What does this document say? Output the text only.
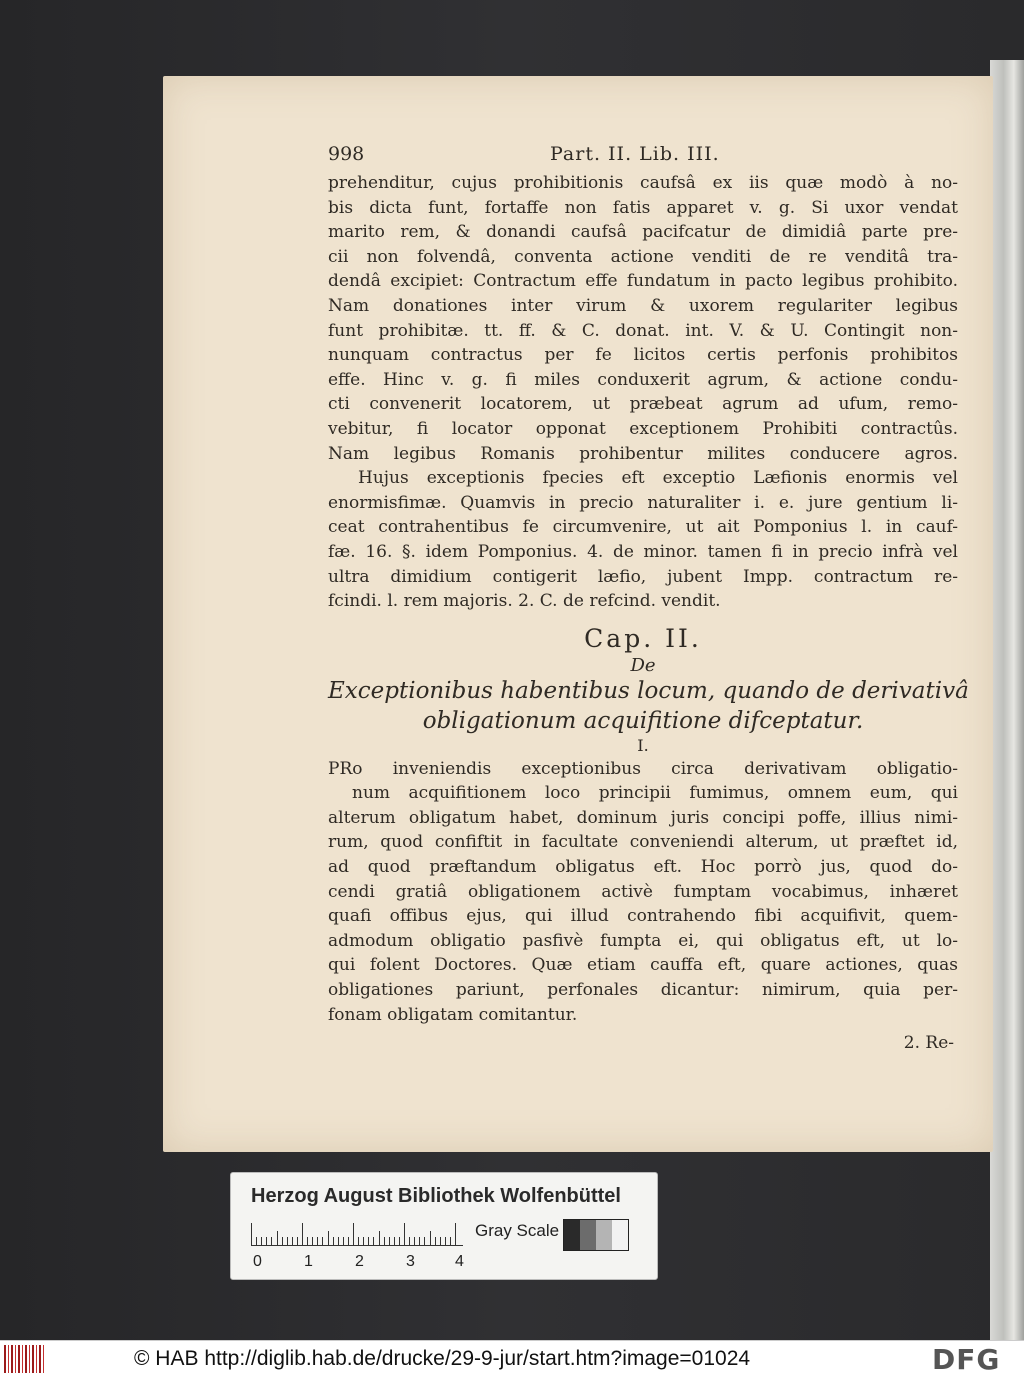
998	Part. II. Lib. III.
prehenditur, cujus prohibitionis caufsâ ex iis quæ modò à no-
bis dicta funt, fortaffe non fatis apparet v. g. Si uxor vendat
marito rem, & donandi caufsâ pacifcatur de dimidiâ parte pre-
cii non folvendâ, conventa actione venditi de re venditâ tra-
dendâ excipiet: Contractum effe fundatum in pacto legibus prohibito.
Nam donationes inter virum & uxorem regulariter legibus
funt prohibitæ. tt. ff. & C. donat. int. V. & U. Contingit non-
nunquam contractus per fe licitos certis perfonis prohibitos
effe. Hinc v. g. fi miles conduxerit agrum, & actione condu-
cti convenerit locatorem, ut præbeat agrum ad ufum, remo-
vebitur, fi locator opponat exceptionem Prohibiti contractûs.
Nam legibus Romanis prohibentur milites conducere agros.
Hujus exceptionis fpecies eft exceptio Læfionis enormis vel
enormisfimæ. Quamvis in precio naturaliter i. e. jure gentium li-
ceat contrahentibus fe circumvenire, ut ait Pomponius l. in cauf-
fæ. 16. §. idem Pomponius. 4. de minor. tamen fi in precio infrà vel
ultra dimidium contigerit læfio, jubent Impp. contractum re-
fcindi. l. rem majoris. 2. C. de refcind. vendit.
Cap. II.
De
Exceptionibus habentibus locum, quando de derivativâ
obligationum acquifitione difceptatur.
I.
PRo inveniendis exceptionibus circa derivativam obligatio-
num acquifitionem loco principii fumimus, omnem eum, qui
alterum obligatum habet, dominum juris concipi poffe, illius nimi-
rum, quod confiftit in facultate conveniendi alterum, ut præftet id,
ad quod præftandum obligatus eft. Hoc porrò jus, quod do-
cendi gratiâ obligationem activè fumptam vocabimus, inhæret
quafi offibus ejus, qui illud contrahendo fibi acquifivit, quem-
admodum obligatio pasfivè fumpta ei, qui obligatus eft, ut lo-
qui folent Doctores. Quæ etiam cauffa eft, quare actiones, quas
obligationes pariunt, perfonales dicantur: nimirum, quia per-
fonam obligatam comitantur.
2. Re-
Herzog August Bibliothek Wolfenbüttel
0	1	2	3	4
Gray Scale
© HAB http://diglib.hab.de/drucke/29-9-jur/start.htm?image=01024	DFG
